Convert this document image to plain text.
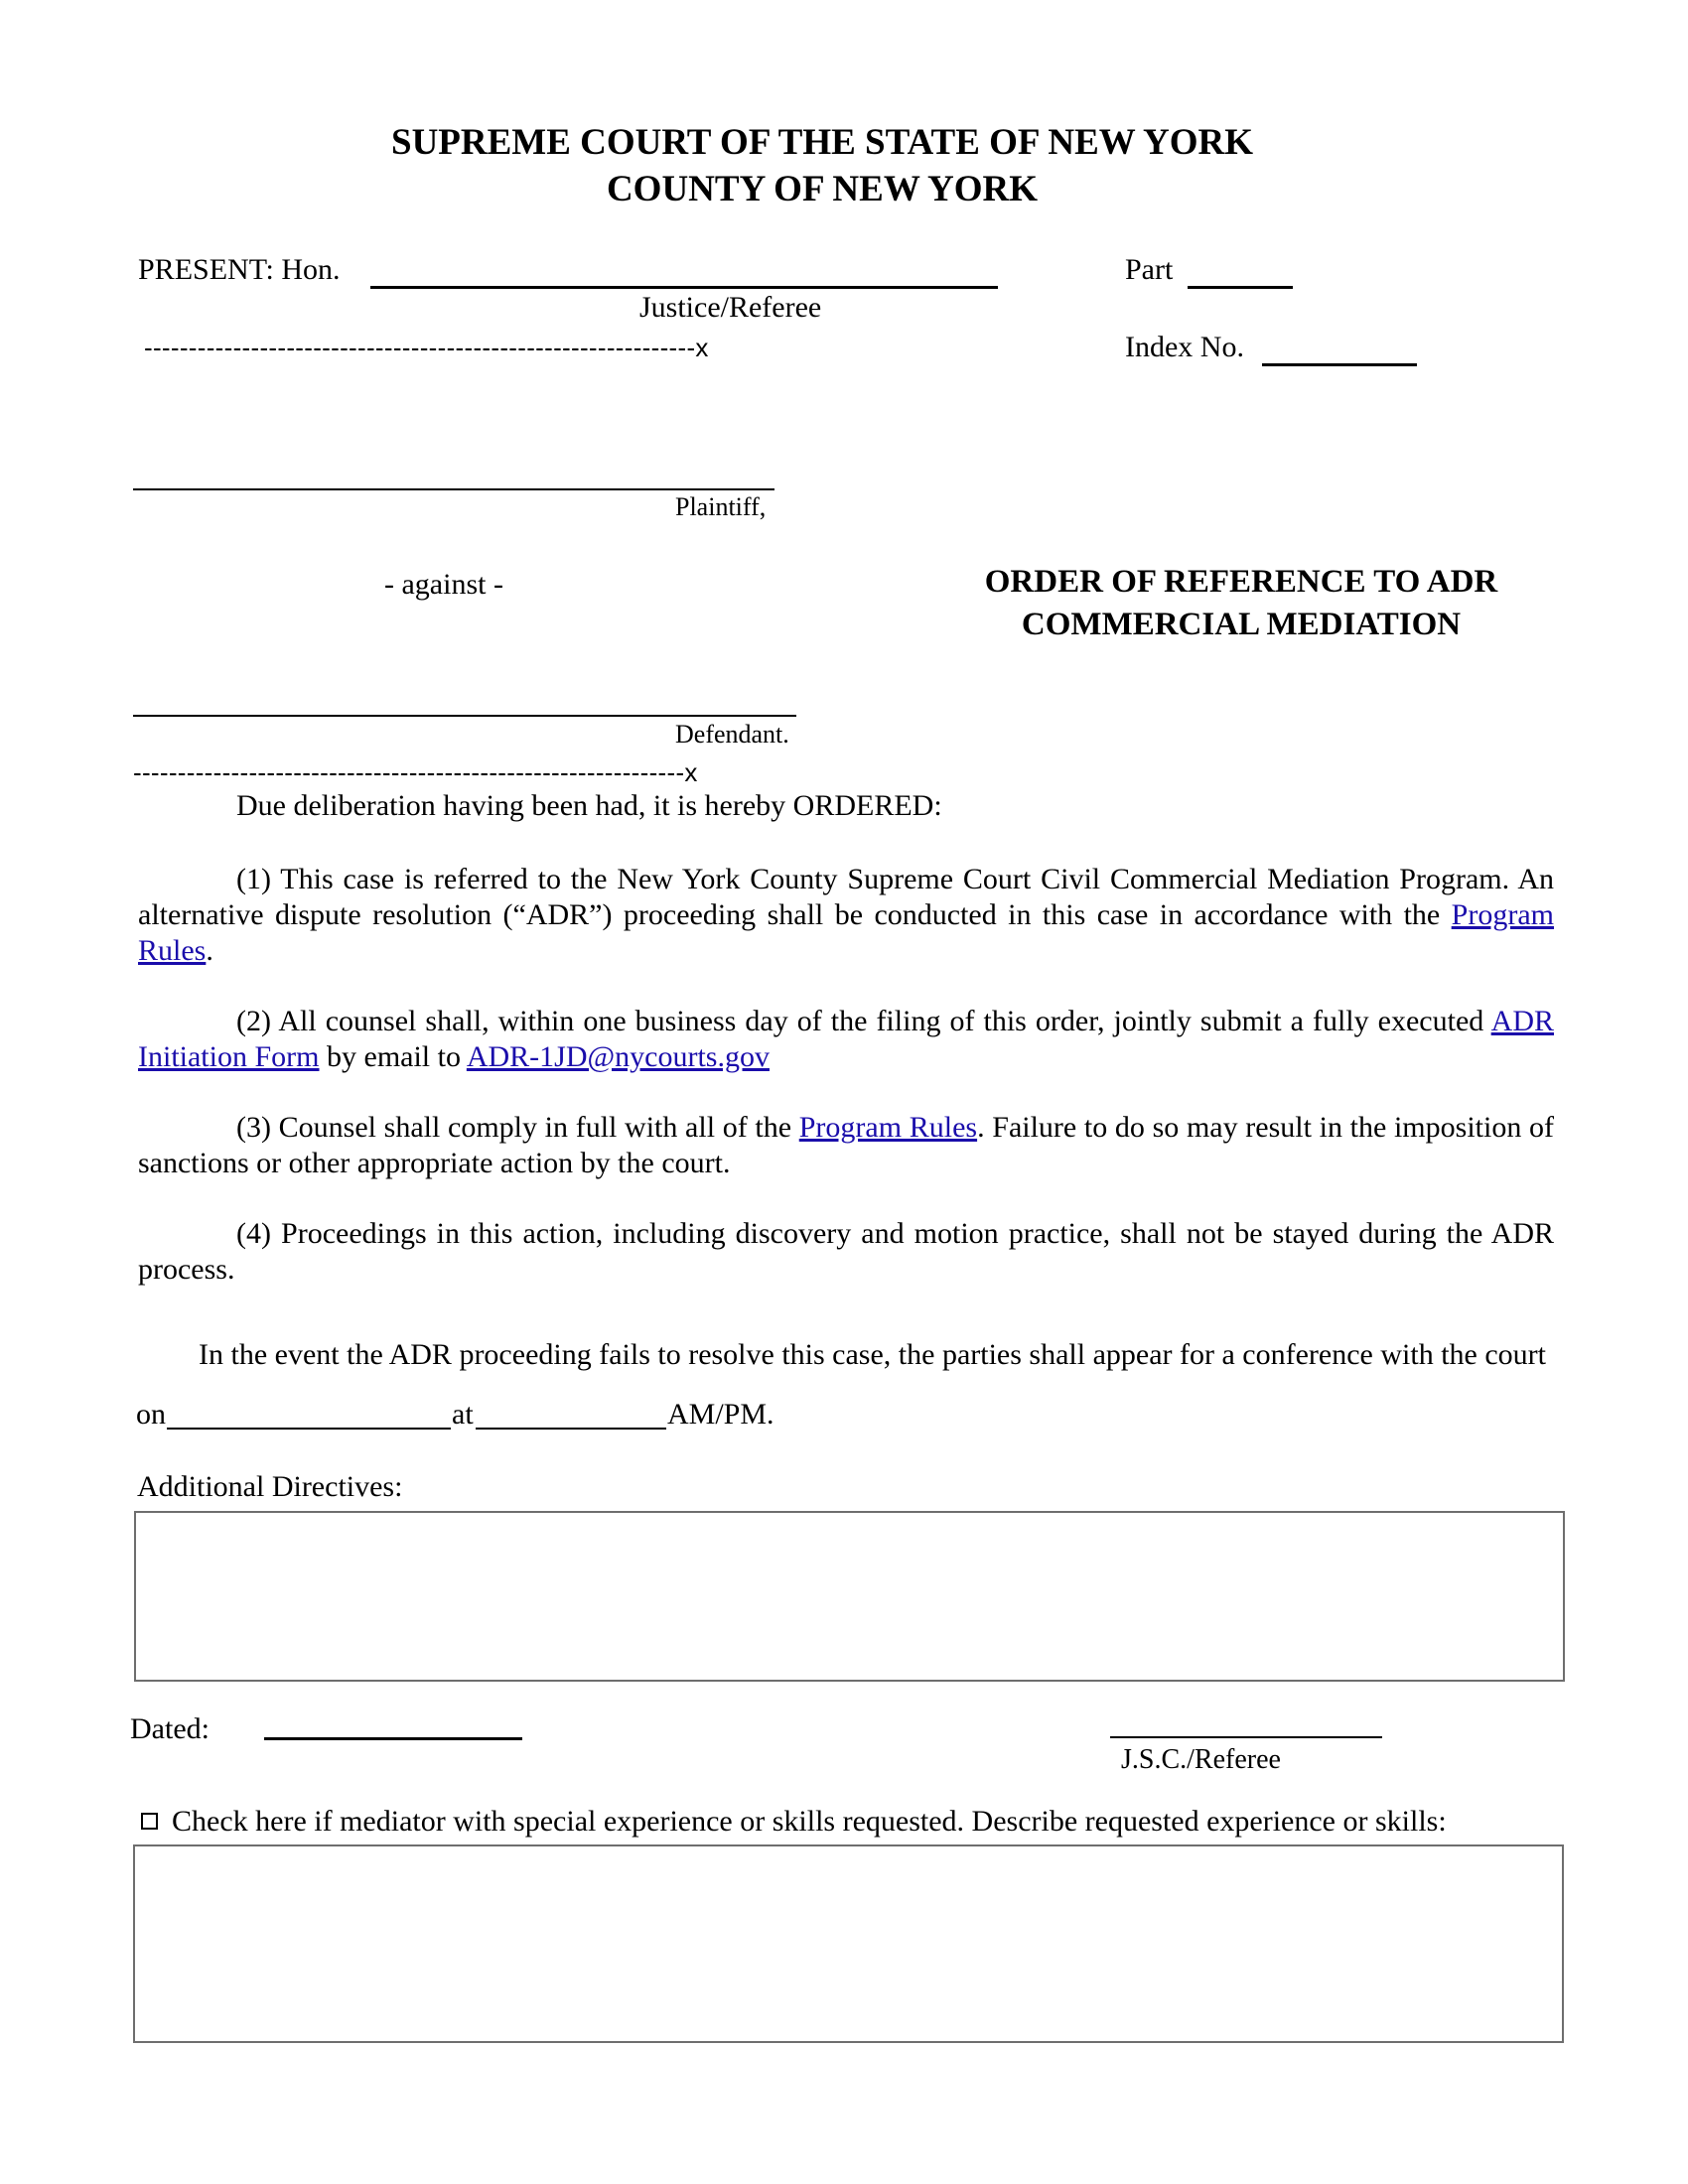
SUPREME COURT OF THE STATE OF NEW YORK
COUNTY OF NEW YORK
PRESENT: Hon.
Justice/Referee
Part
Index No.
--------------------------------------------------------------x
Plaintiff,
- against -	ORDER OF REFERENCE TO ADR
COMMERCIAL MEDIATION
Defendant.
--------------------------------------------------------------x
Due deliberation having been had, it is hereby ORDERED:
(1) This case is referred to the New York County Supreme Court Civil Commercial Mediation Program. An alternative dispute resolution (“ADR”) proceeding shall be conducted in this case in accordance with the Program Rules.
(2) All counsel shall, within one business day of the filing of this order, jointly submit a fully executed ADR Initiation Form by email to ADR-1JD@nycourts.gov
(3) Counsel shall comply in full with all of the Program Rules. Failure to do so may result in the imposition of sanctions or other appropriate action by the court.
(4) Proceedings in this action, including discovery and motion practice, shall not be stayed during the ADR process.
In the event the ADR proceeding fails to resolve this case, the parties shall appear for a conference with the court
on	at	AM/PM.
Additional Directives:
Dated:
J.S.C./Referee
Check here if mediator with special experience or skills requested. Describe requested experience or skills:
